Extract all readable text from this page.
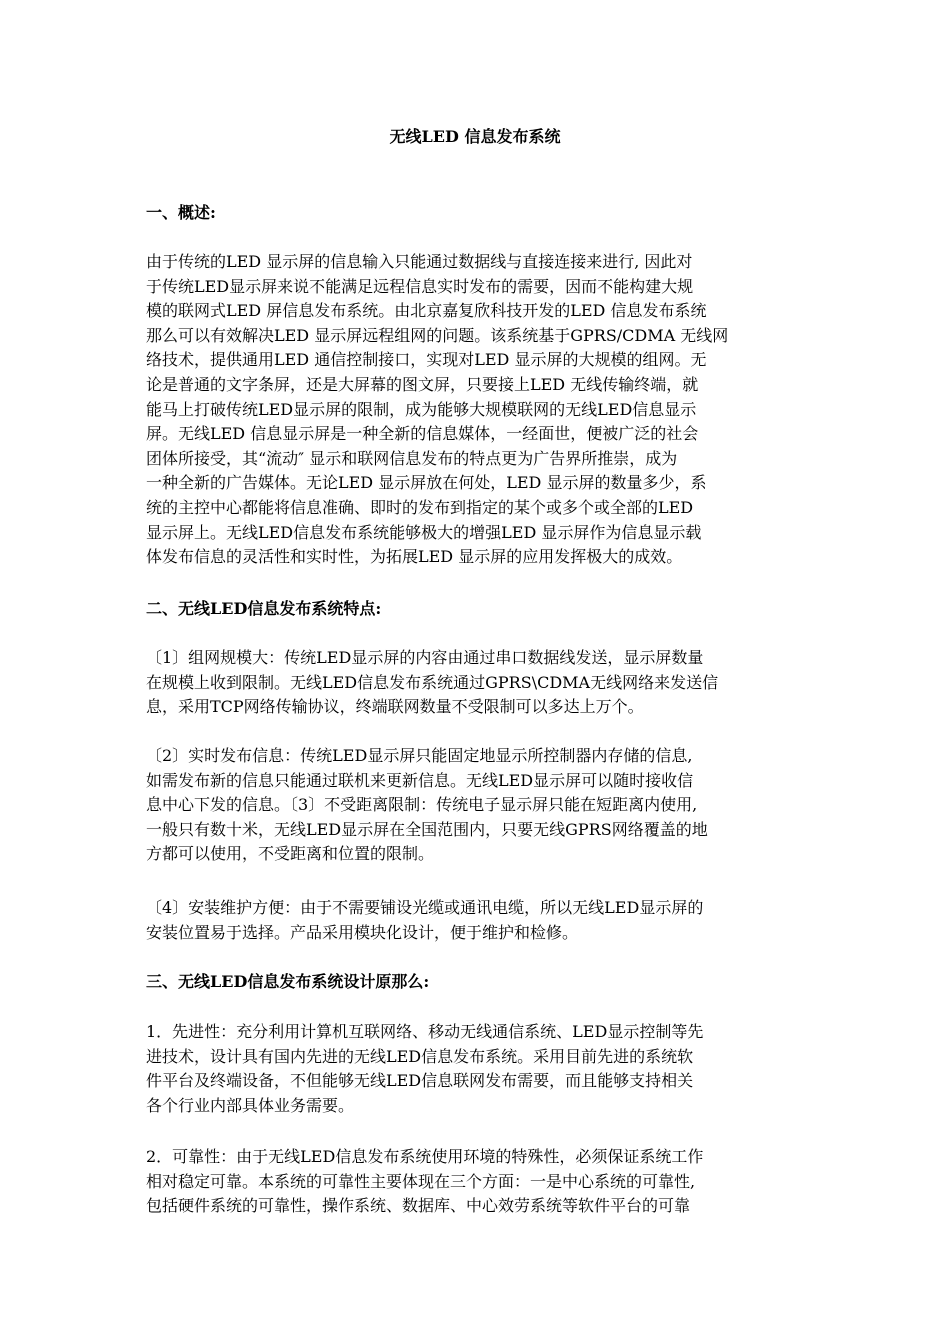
无线LED 信息发布系统
一、概述:
由于传统的LED 显示屏的信息输入只能通过数据线与直接连接来进行, 因此对
于传统LED显示屏来说不能满足远程信息实时发布的需要，因而不能构建大规
模的联网式LED 屏信息发布系统。由北京嘉复欣科技开发的LED 信息发布系统
那么可以有效解决LED 显示屏远程组网的问题。该系统基于GPRS/CDMA 无线网
络技术，提供通用LED 通信控制接口，实现对LED 显示屏的大规模的组网。无
论是普通的文字条屏，还是大屏幕的图文屏，只要接上LED 无线传输终端，就
能马上打破传统LED显示屏的限制，成为能够大规模联网的无线LED信息显示
屏。无线LED 信息显示屏是一种全新的信息媒体，一经面世，便被广泛的社会
团体所接受，其“流动″ 显示和联网信息发布的特点更为广告界所推崇，成为
一种全新的广告媒体。无论LED 显示屏放在何处，LED 显示屏的数量多少，系
统的主控中心都能将信息准确、即时的发布到指定的某个或多个或全部的LED
显示屏上。无线LED信息发布系统能够极大的增强LED 显示屏作为信息显示载
体发布信息的灵活性和实时性，为拓展LED 显示屏的应用发挥极大的成效。
二、无线LED信息发布系统特点:
〔1〕组网规模大：传统LED显示屏的内容由通过串口数据线发送，显示屏数量
在规模上收到限制。无线LED信息发布系统通过GPRS\CDMA无线网络来发送信
息，采用TCP网络传输协议，终端联网数量不受限制可以多达上万个。
〔2〕实时发布信息：传统LED显示屏只能固定地显示所控制器内存储的信息,
如需发布新的信息只能通过联机来更新信息。无线LED显示屏可以随时接收信
息中心下发的信息。〔3〕不受距离限制：传统电子显示屏只能在短距离内使用,
一般只有数十米，无线LED显示屏在全国范围内，只要无线GPRS网络覆盖的地
方都可以使用，不受距离和位置的限制。
〔4〕安装维护方便：由于不需要铺设光缆或通讯电缆，所以无线LED显示屏的
安装位置易于选择。产品采用模块化设计，便于维护和检修。
三、无线LED信息发布系统设计原那么:
1．先进性：充分利用计算机互联网络、移动无线通信系统、LED显示控制等先
进技术，设计具有国内先进的无线LED信息发布系统。采用目前先进的系统软
件平台及终端设备，不但能够无线LED信息联网发布需要，而且能够支持相关
各个行业内部具体业务需要。
2．可靠性：由于无线LED信息发布系统使用环境的特殊性，必须保证系统工作
相对稳定可靠。本系统的可靠性主要体现在三个方面：一是中心系统的可靠性,
包括硬件系统的可靠性，操作系统、数据库、中心效劳系统等软件平台的可靠
